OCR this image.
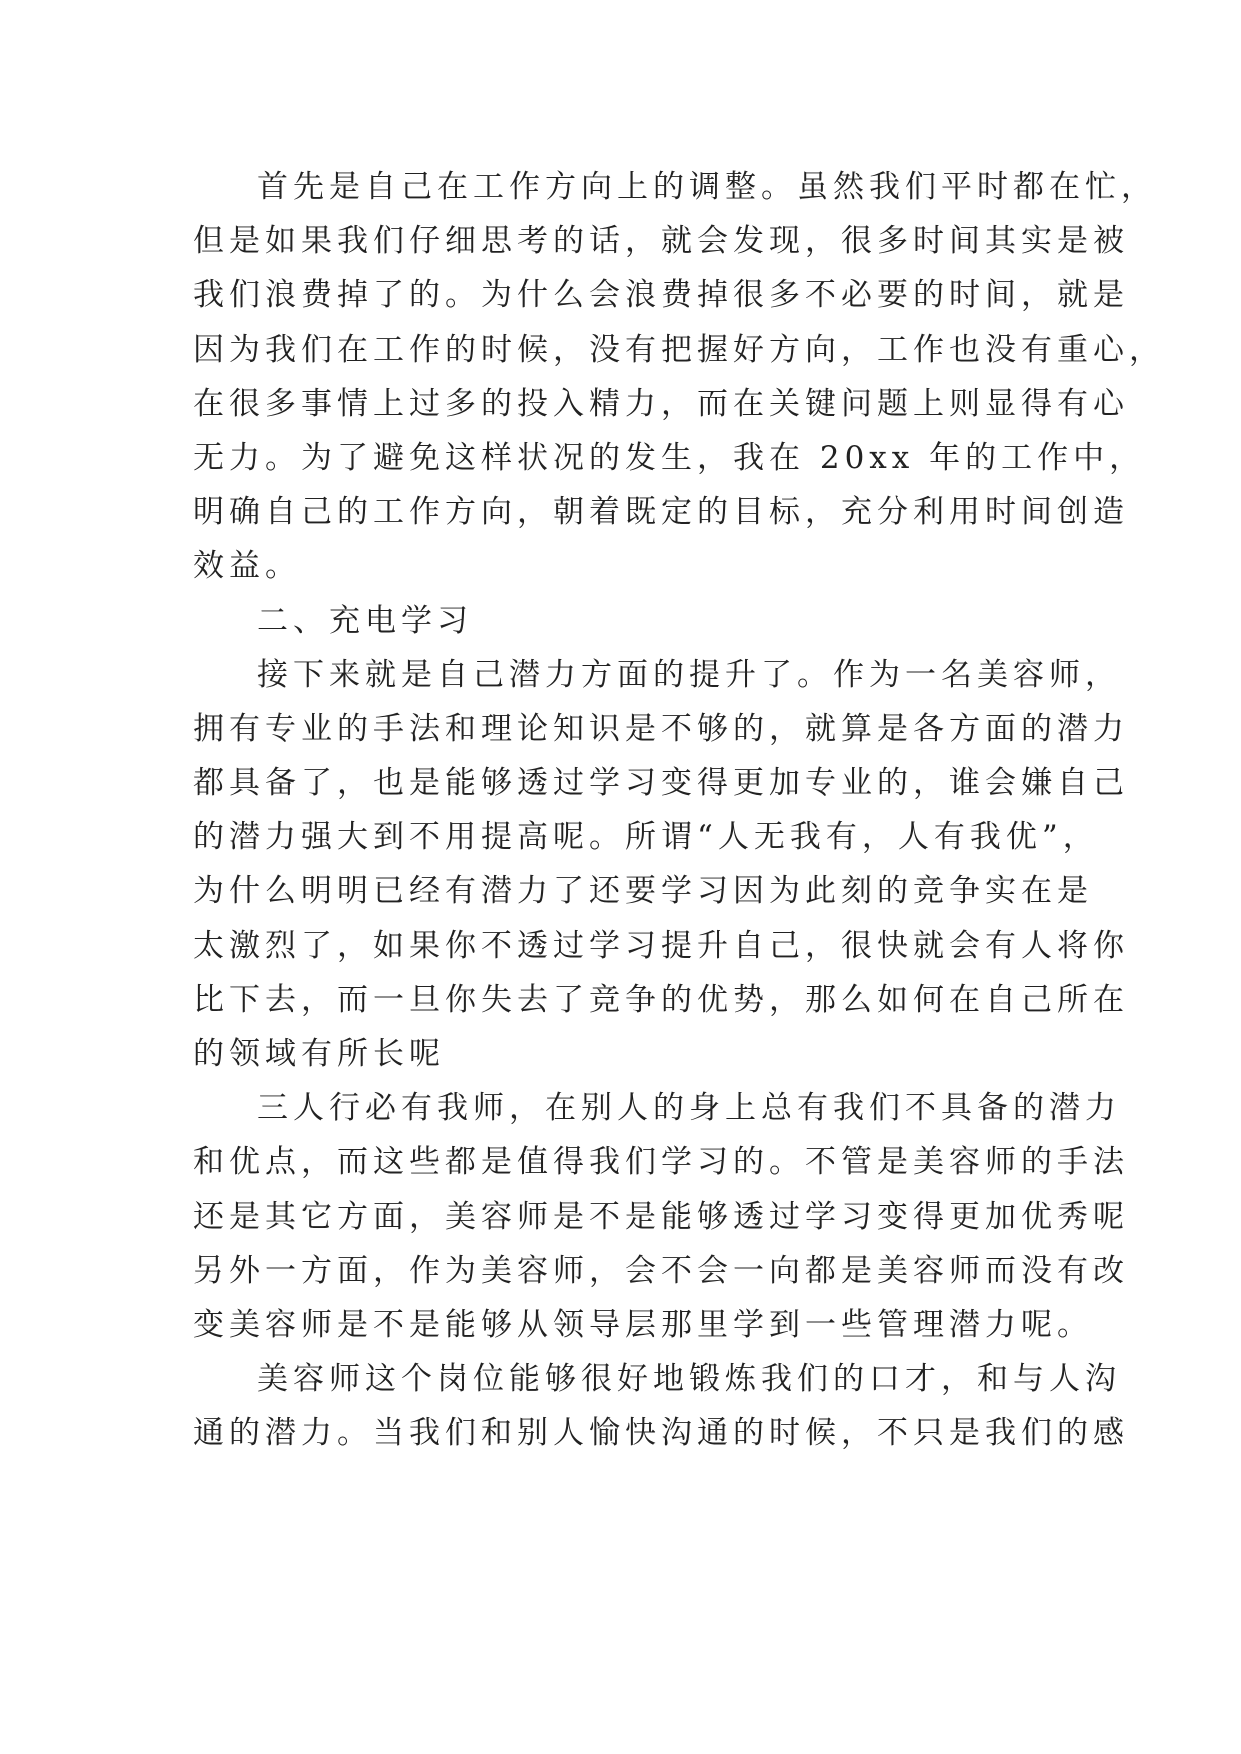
首先是自己在工作方向上的调整。虽然我们平时都在忙，
但是如果我们仔细思考的话，就会发现，很多时间其实是被
我们浪费掉了的。为什么会浪费掉很多不必要的时间，就是
因为我们在工作的时候，没有把握好方向，工作也没有重心，
在很多事情上过多的投入精力，而在关键问题上则显得有心
无力。为了避免这样状况的发生，我在 20xx 年的工作中，
明确自己的工作方向，朝着既定的目标，充分利用时间创造
效益。
二、充电学习
接下来就是自己潜力方面的提升了。作为一名美容师，
拥有专业的手法和理论知识是不够的，就算是各方面的潜力
都具备了，也是能够透过学习变得更加专业的，谁会嫌自己
的潜力强大到不用提高呢。所谓“人无我有，人有我优”，
为什么明明已经有潜力了还要学习因为此刻的竞争实在是
太激烈了，如果你不透过学习提升自己，很快就会有人将你
比下去，而一旦你失去了竞争的优势，那么如何在自己所在
的领域有所长呢
三人行必有我师，在别人的身上总有我们不具备的潜力
和优点，而这些都是值得我们学习的。不管是美容师的手法
还是其它方面，美容师是不是能够透过学习变得更加优秀呢
另外一方面，作为美容师，会不会一向都是美容师而没有改
变美容师是不是能够从领导层那里学到一些管理潜力呢。
美容师这个岗位能够很好地锻炼我们的口才，和与人沟
通的潜力。当我们和别人愉快沟通的时候，不只是我们的感
